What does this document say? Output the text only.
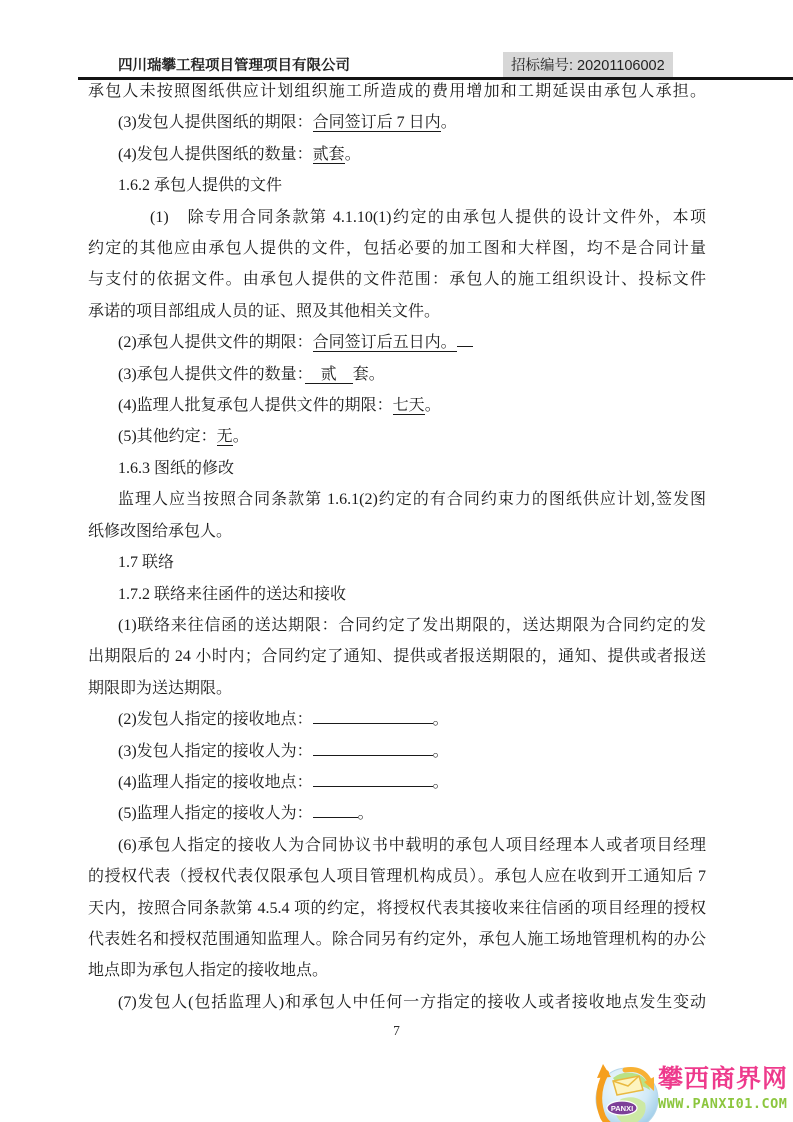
四川瑞攀工程项目管理项目有限公司	招标编号: 20201106002
承包人未按照图纸供应计划组织施工所造成的费用增加和工期延误由承包人承担。
(3)发包人提供图纸的期限：合同签订后 7 日内。
(4)发包人提供图纸的数量：贰套。
1.6.2 承包人提供的文件
(1)　除专用合同条款第 4.1.10(1)约定的由承包人提供的设计文件外，本项
约定的其他应由承包人提供的文件，包括必要的加工图和大样图，均不是合同计量
与支付的依据文件。由承包人提供的文件范围：承包人的施工组织设计、投标文件
承诺的项目部组成人员的证、照及其他相关文件。
(2)承包人提供文件的期限：合同签订后五日内。
(3)承包人提供文件的数量：　贰　套。
(4)监理人批复承包人提供文件的期限：七天。
(5)其他约定：无。
1.6.3 图纸的修改
监理人应当按照合同条款第 1.6.1(2)约定的有合同约束力的图纸供应计划,签发图
纸修改图给承包人。
1.7 联络
1.7.2 联络来往函件的送达和接收
(1)联络来往信函的送达期限：合同约定了发出期限的，送达期限为合同约定的发
出期限后的 24 小时内；合同约定了通知、提供或者报送期限的，通知、提供或者报送
期限即为送达期限。
(2)发包人指定的接收地点：	。
(3)发包人指定的接收人为：	。
(4)监理人指定的接收地点：	。
(5)监理人指定的接收人为：	。
(6)承包人指定的接收人为合同协议书中载明的承包人项目经理本人或者项目经理
的授权代表（授权代表仅限承包人项目管理机构成员）。承包人应在收到开工通知后 7
天内，按照合同条款第 4.5.4 项的约定，将授权代表其接收来往信函的项目经理的授权
代表姓名和授权范围通知监理人。除合同另有约定外，承包人施工场地管理机构的办公
地点即为承包人指定的接收地点。
(7)发包人(包括监理人)和承包人中任何一方指定的接收人或者接收地点发生变动
7
PANXI
攀西商界网
WWW.PANXI01.COM
